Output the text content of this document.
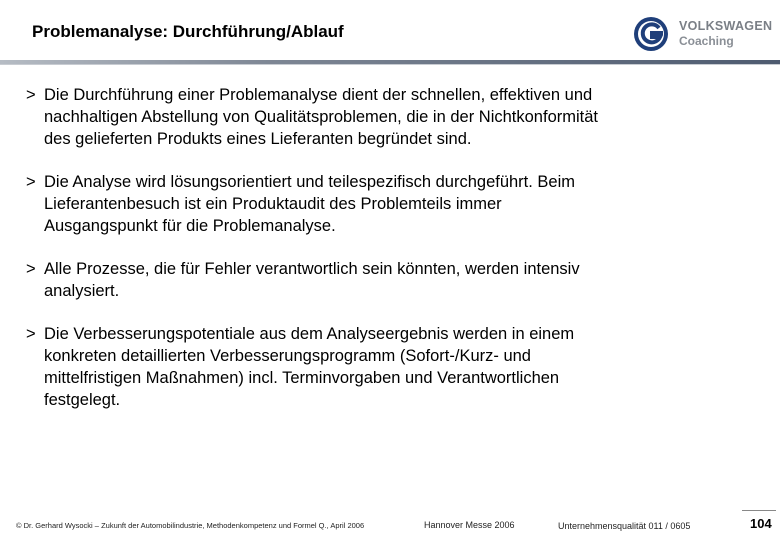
Problemanalyse: Durchführung/Ablauf	VOLKSWAGEN
Coaching
> Die Durchführung einer Problemanalyse dient der schnellen, effektiven und
nachhaltigen Abstellung von Qualitätsproblemen, die in der Nichtkonformität
des gelieferten Produkts eines Lieferanten begründet sind.
> Die Analyse wird lösungsorientiert und teilespezifisch durchgeführt. Beim
Lieferantenbesuch ist ein Produktaudit des Problemteils immer
Ausgangspunkt für die Problemanalyse.
> Alle Prozesse, die für Fehler verantwortlich sein könnten, werden intensiv
analysiert.
> Die Verbesserungspotentiale aus dem Analyseergebnis werden in einem
konkreten detaillierten Verbesserungsprogramm (Sofort-/Kurz- und
mittelfristigen Maßnahmen) incl. Terminvorgaben und Verantwortlichen
festgelegt.
© Dr. Gerhard Wysocki – Zukunft der Automobilindustrie, Methodenkompetenz und Formel Q., April 2006	Hannover Messe 2006	Unternehmensqualität 011 / 0605	104
